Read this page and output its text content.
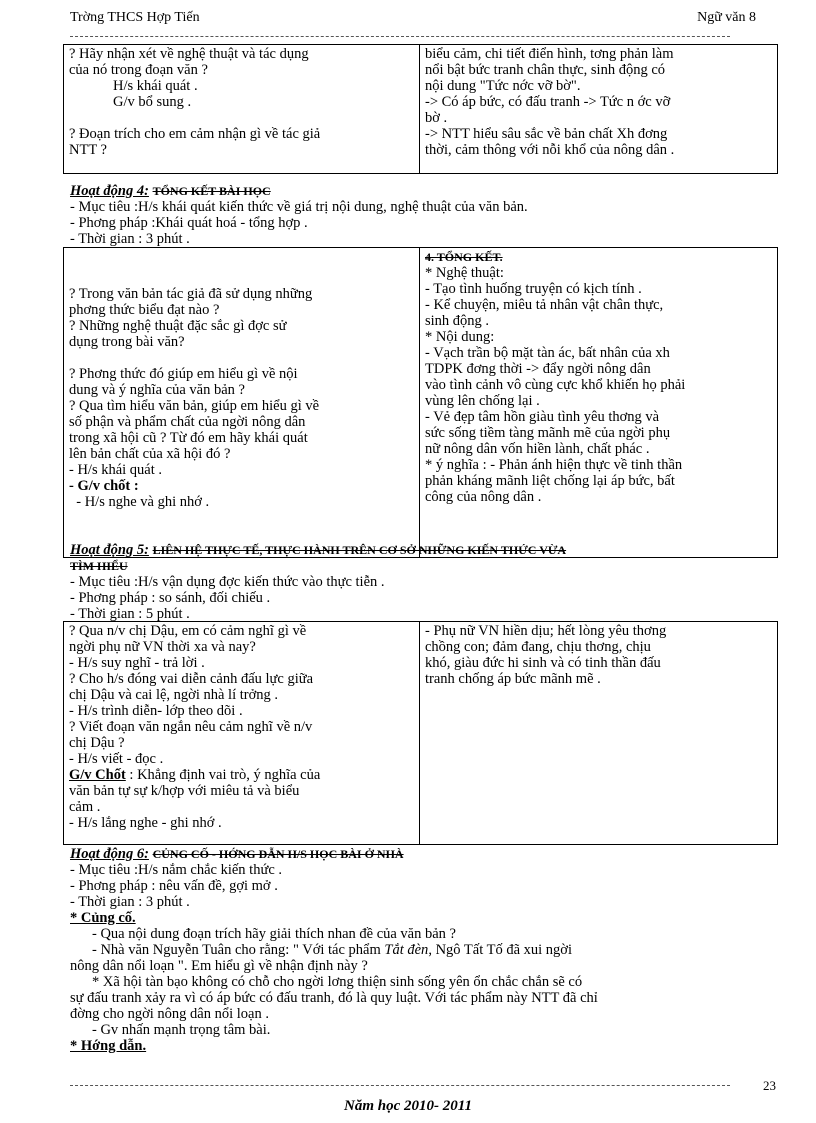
Trờng THCS Hợp Tiến	Ngữ văn 8
? Hãy nhận xét về nghệ thuật và tác dụng
của nó trong đoạn văn ?
H/s khái quát .
G/v bổ sung .
? Đoạn trích cho em cảm nhận gì về tác giả
NTT ?

biểu cảm, chi tiết điển hình, tơng phản làm
nổi bật bức tranh chân thực, sinh động có
nội dung "Tức nớc vỡ bờ".
-> Có áp bức, có đấu tranh -> Tức n ớc vỡ
bờ .
-> NTT hiểu sâu sắc về bản chất Xh đơng
thời, cảm thông với nỗi khổ của nông dân .
Hoạt động 4: TỔNG KẾT BÀI HỌC
- Mục tiêu :H/s khái quát kiến thức về giá trị nội dung, nghệ thuật của văn bản.
- Phơng pháp :Khái quát hoá - tổng hợp .
- Thời gian : 3 phút .
? Trong văn bản tác giả đã sử dụng những
phơng thức biểu đạt nào ?
? Những nghệ thuật đặc sắc gì đợc sử
dụng trong bài văn?
? Phơng thức đó giúp em hiểu gì về nội
dung và ý nghĩa của văn bản ?
? Qua tìm hiểu văn bản, giúp em hiểu gì về
số phận và phẩm chất của ngời nông dân
trong xã hội cũ ? Từ đó em hãy khái quát
lên bản chất của xã hội đó ?
- H/s khái quát .
- G/v chốt :
- H/s nghe và ghi nhớ .

4. TỔNG KẾT.
* Nghệ thuật:
- Tạo tình huống truyện có kịch tính .
- Kể chuyện, miêu tả nhân vật chân thực,
sinh động .
* Nội dung:
- Vạch trần bộ mặt tàn ác, bất nhân của xh
TDPK đơng thời -> đẩy ngời nông dân
vào tình cảnh vô cùng cực khổ khiến họ phải
vùng lên chống lại .
- Vẻ đẹp tâm hồn giàu tình yêu thơng và
sức sống tiềm tàng mãnh mẽ của ngời phụ
nữ nông dân vốn hiền lành, chất phác .
* ý nghĩa : - Phản ánh hiện thực về tinh thần
phản kháng mãnh liệt chống lại áp bức, bất
công của nông dân .
Hoạt động 5: LIÊN HỆ THỰC TẾ, THỰC HÀNH TRÊN CƠ SỞ NHỮNG KIẾN THỨC VỪA
TÌM HIỂU
- Mục tiêu :H/s vận dụng đợc kiến thức vào thực tiễn .
- Phơng pháp : so sánh, đối chiếu .
- Thời gian : 5 phút .
? Qua n/v chị Dậu, em có cảm nghĩ gì về
ngời phụ nữ VN thời xa và nay?
- H/s suy nghĩ - trả lời .
? Cho h/s đóng vai diễn cảnh đấu lực giữa
chị Dậu và cai lệ, ngời nhà lí trởng .
- H/s trình diễn- lớp theo dõi .
? Viết đoạn văn ngắn nêu cảm nghĩ về n/v
chị Dậu ?
- H/s viết - đọc .
G/v Chốt : Khẳng định vai trò, ý nghĩa của
văn bản tự sự k/hợp với miêu tả và biểu
cảm .
- H/s lắng nghe - ghi nhớ .

- Phụ nữ VN hiền dịu; hết lòng yêu thơng
chồng con; đảm đang, chịu thơng, chịu
khó, giàu đức hi sinh và có tinh thần đấu
tranh chống áp bức mãnh mẽ .
Hoạt động 6: CỦNG CỐ - HỚNG DẪN H/S HỌC BÀI Ở NHÀ
- Mục tiêu :H/s nắm chắc kiến thức .
- Phơng pháp : nêu vấn đề, gợi mở .
- Thời gian : 3 phút .
* Củng cố.
- Qua nội dung đoạn trích hãy giải thích nhan đề của văn bản ?
- Nhà văn Nguyễn Tuân cho rằng: " Với tác phẩm Tắt đèn, Ngô Tất Tố đã xui ngời
nông dân nổi loạn ". Em hiểu gì về nhận định này ?
* Xã hội tàn bạo không có chỗ cho ngời lơng thiện sinh sống yên ổn chắc chắn sẽ có
sự đấu tranh xảy ra vì có áp bức có đấu tranh, đó là quy luật. Với tác phẩm này NTT đã chỉ
đờng cho ngời nông dân nổi loạn .
- Gv nhấn mạnh trọng tâm bài.
* Hớng dẫn.
23
Năm học 2010- 2011
